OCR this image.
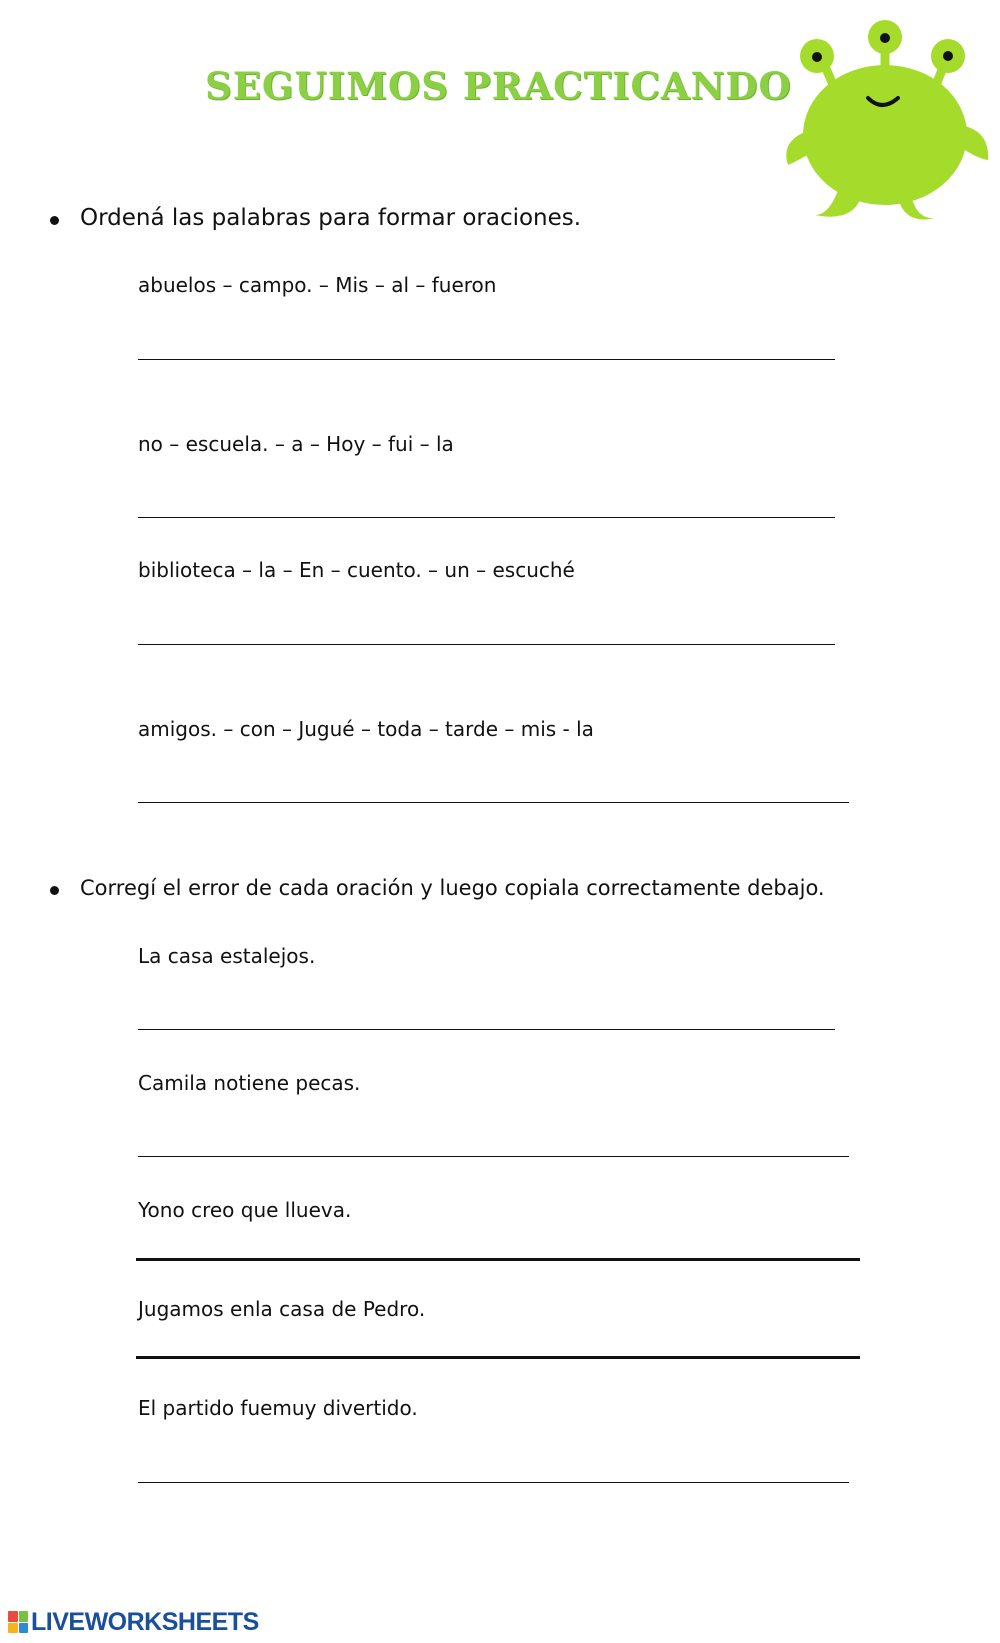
SEGUIMOS PRACTICANDO
Ordená las palabras para formar oraciones.
abuelos – campo. – Mis – al – fueron
no – escuela. – a – Hoy – fui – la
biblioteca – la – En – cuento. – un – escuché
amigos. – con – Jugué – toda – tarde – mis - la
Corregí el error de cada oración y luego copiala correctamente debajo.
La casa estalejos.
Camila notiene pecas.
Yono creo que llueva.
Jugamos enla casa de Pedro.
El partido fuemuy divertido.
LIVEWORKSHEETS
